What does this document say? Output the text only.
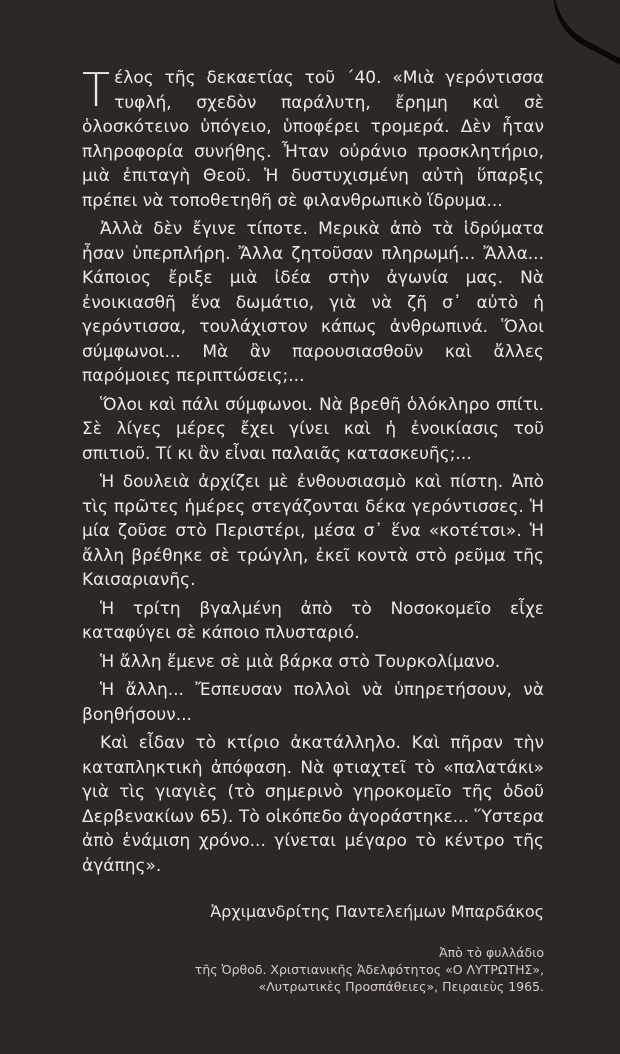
Τέλος τῆς δεκαετίας τοῦ ΄40. «Μιὰ γερόντισσα τυφλή, σχεδὸν παράλυτη, ἔρημη καὶ σὲ ὁλοσκότεινο ὑπόγειο, ὑποφέρει τρομερά. Δὲν ἦταν πληροφορία συνήθης. Ἦταν οὐράνιο προσκλητήριο, μιὰ ἐπιταγὴ Θεοῦ. Ἡ δυστυχισμένη αὐτὴ ὕπαρξις πρέπει νὰ τοποθετηθῆ σὲ φιλανθρωπικὸ ἵδρυμα...

Ἀλλὰ δὲν ἔγινε τίποτε. Μερικὰ ἀπὸ τὰ ἱδρύματα ἦσαν ὑπερπλήρη. Ἄλλα ζητοῦσαν πληρωμή... Ἄλλα... Κάποιος ἔριξε μιὰ ἰδέα στὴν ἀγωνία μας. Νὰ ἐνοικιασθῆ ἕνα δωμάτιο, γιὰ νὰ ζῆ σ᾽ αὐτὸ ἡ γερόντισσα, τουλάχιστον κάπως ἀνθρωπινά. Ὅλοι σύμφωνοι... Μὰ ἂν παρουσιασθοῦν καὶ ἄλλες παρόμοιες περιπτώσεις;...

Ὅλοι καὶ πάλι σύμφωνοι. Νὰ βρεθῆ ὁλόκληρο σπίτι. Σὲ λίγες μέρες ἔχει γίνει καὶ ἡ ἐνοικίασις τοῦ σπιτιοῦ. Τί κι ἂν εἶναι παλαιᾶς κατασκευῆς;...

Ἡ δουλειὰ ἀρχίζει μὲ ἐνθουσιασμὸ καὶ πίστη. Ἀπὸ τὶς πρῶτες ἡμέρες στεγάζονται δέκα γερόντισσες. Ἡ μία ζοῦσε στὸ Περιστέρι, μέσα σ᾽ ἕνα «κοτέτσι». Ἡ ἄλλη βρέθηκε σὲ τρώγλη, ἐκεῖ κοντὰ στὸ ρεῦμα τῆς Καισαριανῆς.

Ἡ τρίτη βγαλμένη ἀπὸ τὸ Νοσοκομεῖο εἶχε καταφύγει σὲ κάποιο πλυσταριό.

Ἡ ἄλλη ἔμενε σὲ μιὰ βάρκα στὸ Τουρκολίμανο.

Ἡ ἄλλη... Ἔσπευσαν πολλοὶ νὰ ὑπηρετήσουν, νὰ βοηθήσουν...

Καὶ εἶδαν τὸ κτίριο ἀκατάλληλο. Καὶ πῆραν τὴν καταπληκτικὴ ἀπόφαση. Νὰ φτιαχτεῖ τὸ «παλατάκι» γιὰ τὶς γιαγιὲς (τὸ σημερινὸ γηροκομεῖο τῆς ὁδοῦ Δερβενακίων 65). Τὸ οἰκόπεδο ἀγοράστηκε... Ὕστερα ἀπὸ ἑνάμιση χρόνο... γίνεται μέγαρο τὸ κέντρο τῆς ἀγάπης».

Ἀρχιμανδρίτης Παντελεήμων Μπαρδάκος
Ἀπὸ τὸ φυλλάδιο
τῆς Ὀρθοδ. Χριστιανικῆς Ἀδελφότητος «Ο ΛΥΤΡΩΤΗΣ»,
«Λυτρωτικὲς Προσπάθειες», Πειραιεὺς 1965.
